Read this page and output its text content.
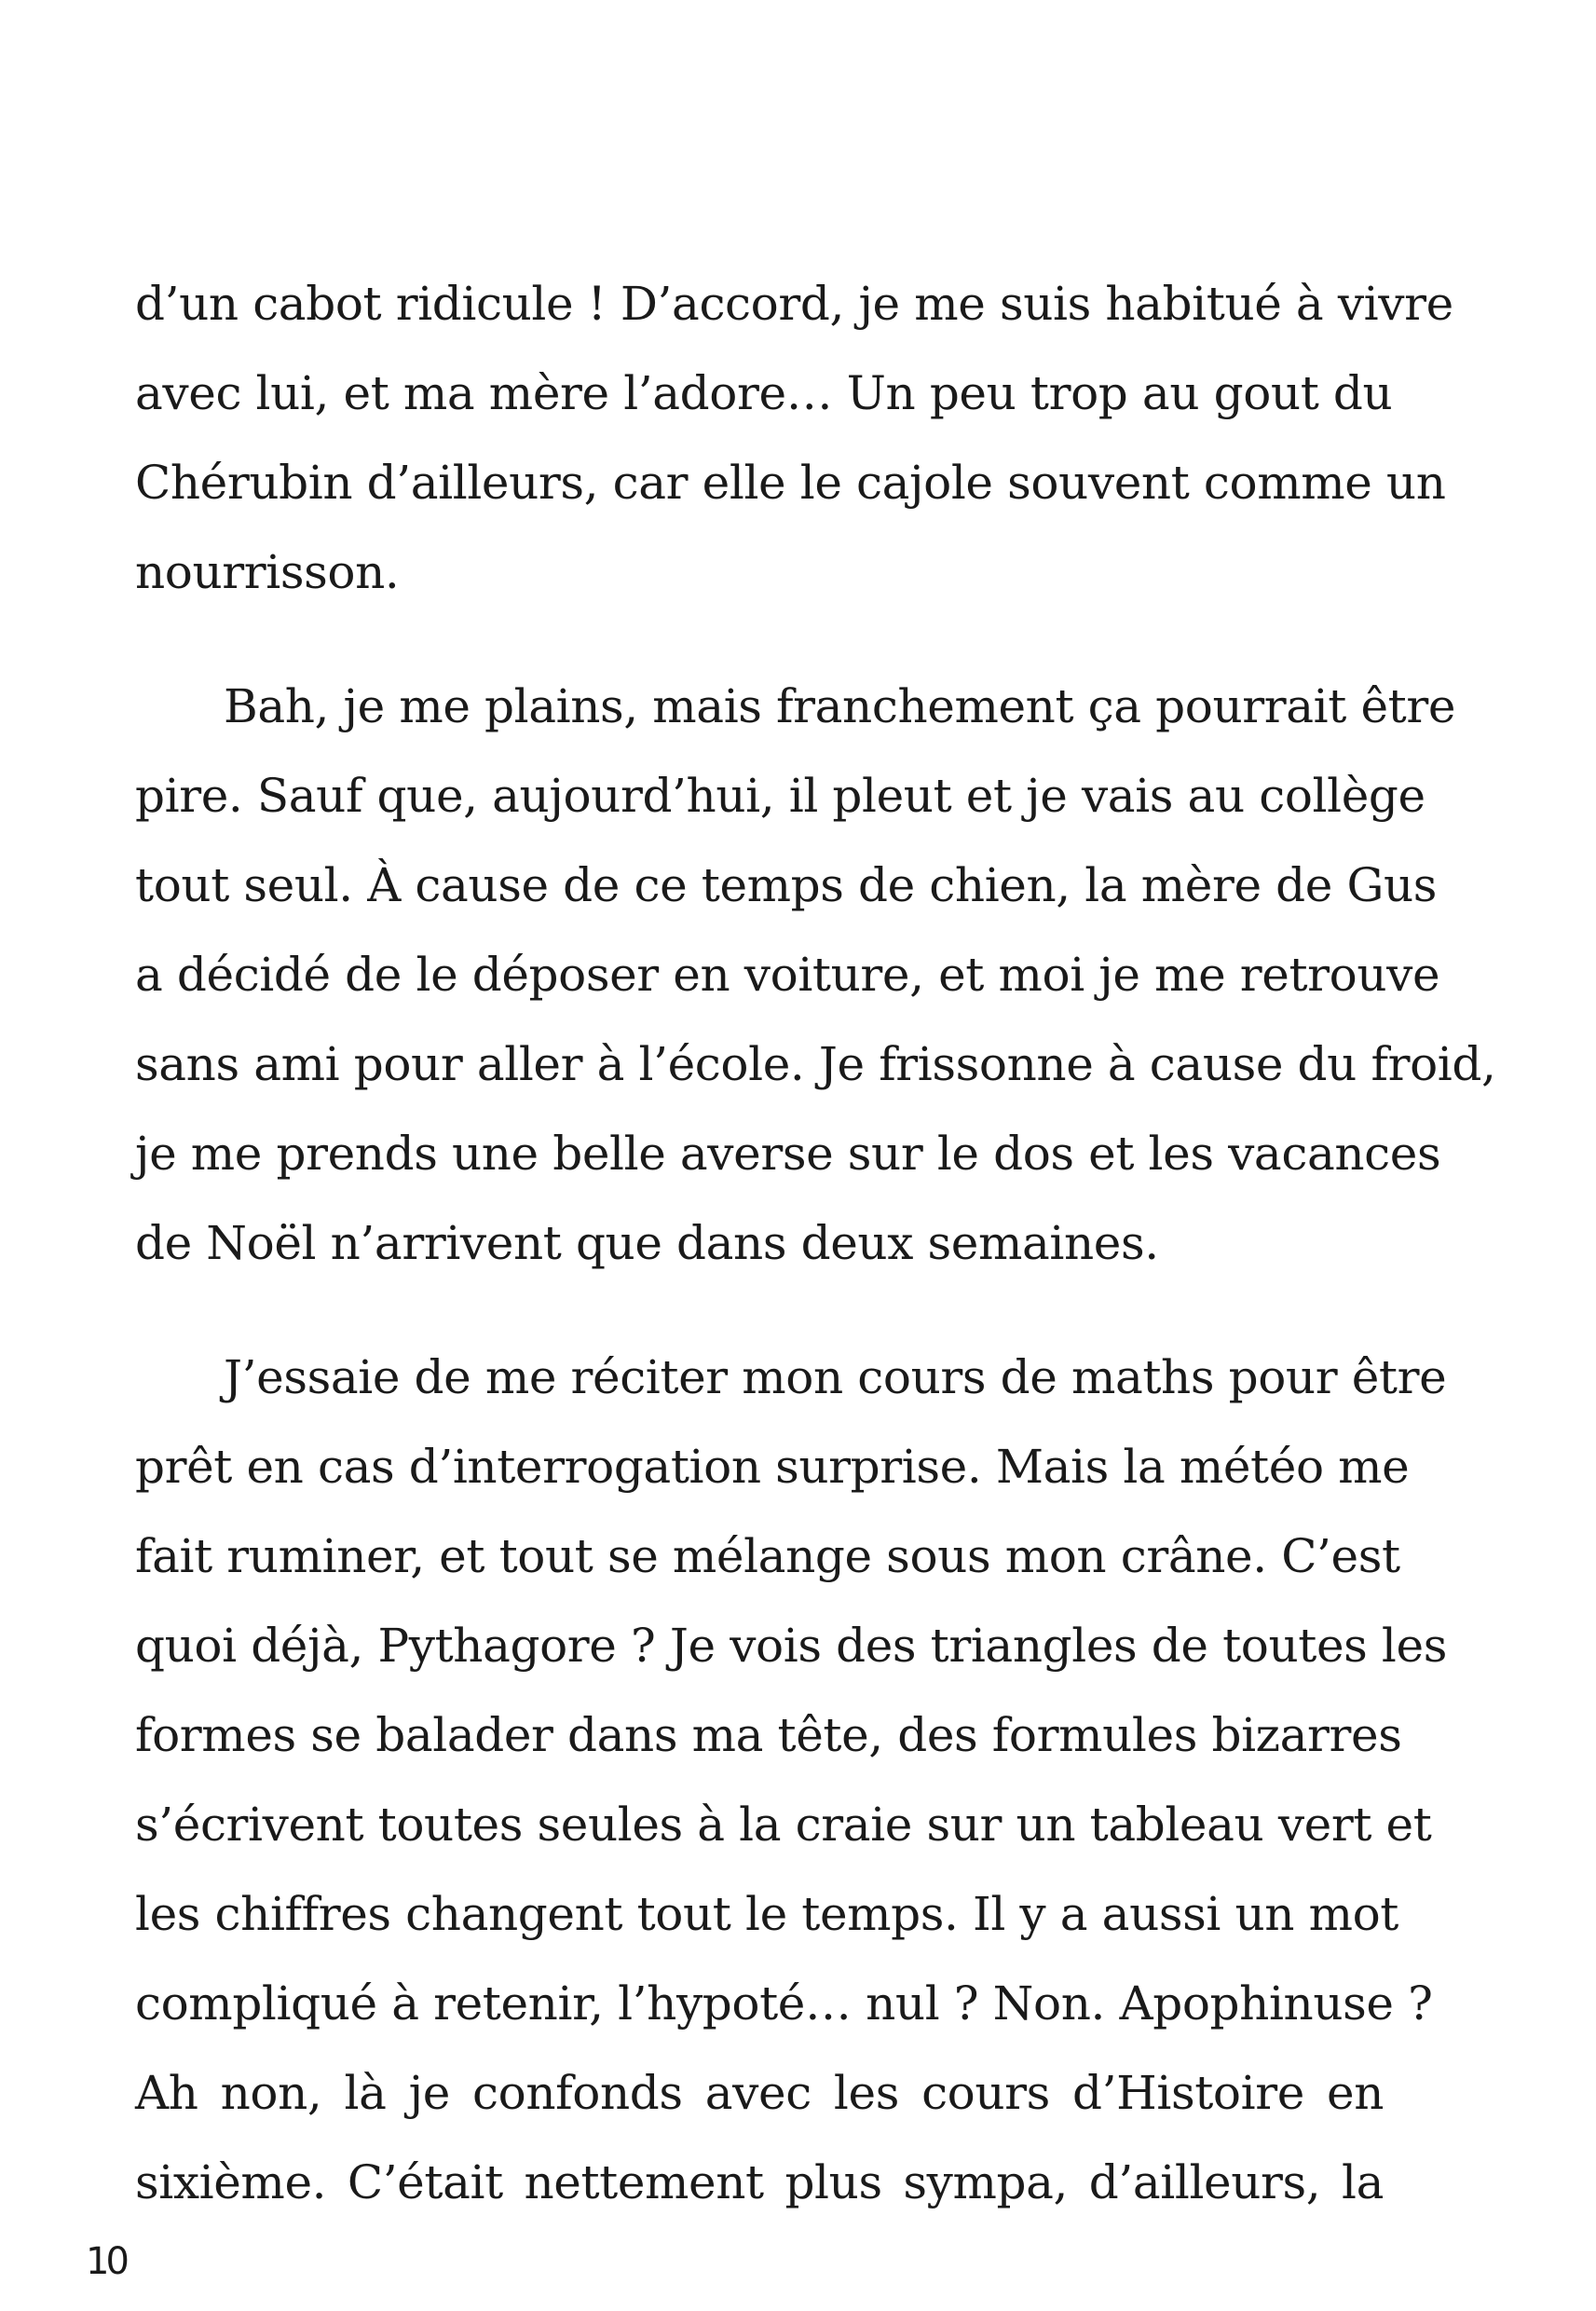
d’un cabot ridicule ! D’accord, je me suis habitué à vivre
avec lui, et ma mère l’adore… Un peu trop au gout du
Chérubin d’ailleurs, car elle le cajole souvent comme un
nourrisson.

Bah, je me plains, mais franchement ça pourrait être
pire. Sauf que, aujourd’hui, il pleut et je vais au collège
tout seul. À cause de ce temps de chien, la mère de Gus
a décidé de le déposer en voiture, et moi je me retrouve
sans ami pour aller à l’école. Je frissonne à cause du froid,
je me prends une belle averse sur le dos et les vacances
de Noël n’arrivent que dans deux semaines.

J’essaie de me réciter mon cours de maths pour être
prêt en cas d’interrogation surprise. Mais la météo me
fait ruminer, et tout se mélange sous mon crâne. C’est
quoi déjà, Pythagore ? Je vois des triangles de toutes les
formes se balader dans ma tête, des formules bizarres
s’écrivent toutes seules à la craie sur un tableau vert et
les chiffres changent tout le temps. Il y a aussi un mot
compliqué à retenir, l’hypoté… nul ? Non. Apophinuse ?
Ah non, là je confonds avec les cours d’Histoire en
sixième. C’était nettement plus sympa, d’ailleurs, la

10
